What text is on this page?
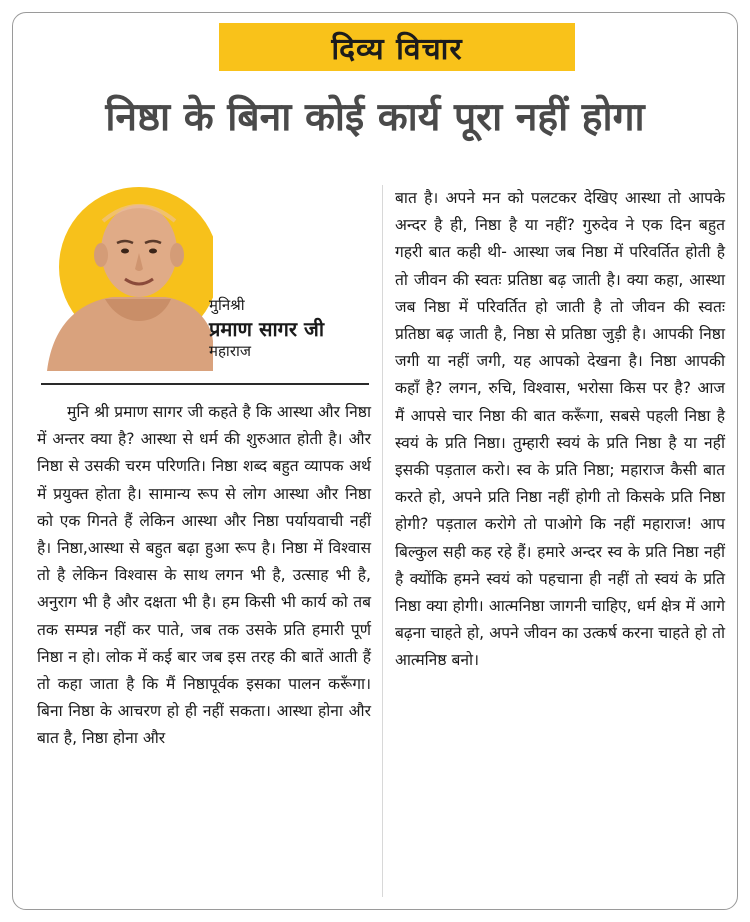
दिव्य विचार
निष्ठा के बिना कोई कार्य पूरा नहीं होगा
मुनिश्री
प्रमाण सागर जी
महाराज

मुनि श्री प्रमाण सागर जी कहते है कि आस्था और निष्ठा में अन्तर क्या है? आस्था से धर्म की शुरुआत होती है। और निष्ठा से उसकी चरम परिणति। निष्ठा शब्द बहुत व्यापक अर्थ में प्रयुक्त होता है। सामान्य रूप से लोग आस्था और निष्ठा को एक गिनते हैं लेकिन आस्था और निष्ठा पर्यायवाची नहीं है। निष्ठा,आस्था से बहुत बढ़ा हुआ रूप है। निष्ठा में विश्वास तो है लेकिन विश्वास के साथ लगन भी है, उत्साह भी है, अनुराग भी है और दक्षता भी है। हम किसी भी कार्य को तब तक सम्पन्न नहीं कर पाते, जब तक उसके प्रति हमारी पूर्ण निष्ठा न हो। लोक में कई बार जब इस तरह की बातें आती हैं तो कहा जाता है कि मैं निष्ठापूर्वक इसका पालन करूँगा। बिना निष्ठा के आचरण हो ही नहीं सकता। आस्था होना और बात है, निष्ठा होना और

बात है। अपने मन को पलटकर देखिए आस्था तो आपके अन्दर है ही, निष्ठा है या नहीं? गुरुदेव ने एक दिन बहुत गहरी बात कही थी- आस्था जब निष्ठा में परिवर्तित होती है तो जीवन की स्वतः प्रतिष्ठा बढ़ जाती है। क्या कहा, आस्था जब निष्ठा में परिवर्तित हो जाती है तो जीवन की स्वतः प्रतिष्ठा बढ़ जाती है, निष्ठा से प्रतिष्ठा जुड़ी है। आपकी निष्ठा जगी या नहीं जगी, यह आपको देखना है। निष्ठा आपकी कहाँ है? लगन, रुचि, विश्वास, भरोसा किस पर है? आज मैं आपसे चार निष्ठा की बात करूँगा, सबसे पहली निष्ठा है स्वयं के प्रति निष्ठा। तुम्हारी स्वयं के प्रति निष्ठा है या नहीं इसकी पड़ताल करो। स्व के प्रति निष्ठा; महाराज कैसी बात करते हो, अपने प्रति निष्ठा नहीं होगी तो किसके प्रति निष्ठा होगी? पड़ताल करोगे तो पाओगे कि नहीं महाराज! आप बिल्कुल सही कह रहे हैं। हमारे अन्दर स्व के प्रति निष्ठा नहीं है क्योंकि हमने स्वयं को पहचाना ही नहीं तो स्वयं के प्रति निष्ठा क्या होगी। आत्मनिष्ठा जागनी चाहिए, धर्म क्षेत्र में आगे बढ़ना चाहते हो, अपने जीवन का उत्कर्ष करना चाहते हो तो आत्मनिष्ठ बनो।
